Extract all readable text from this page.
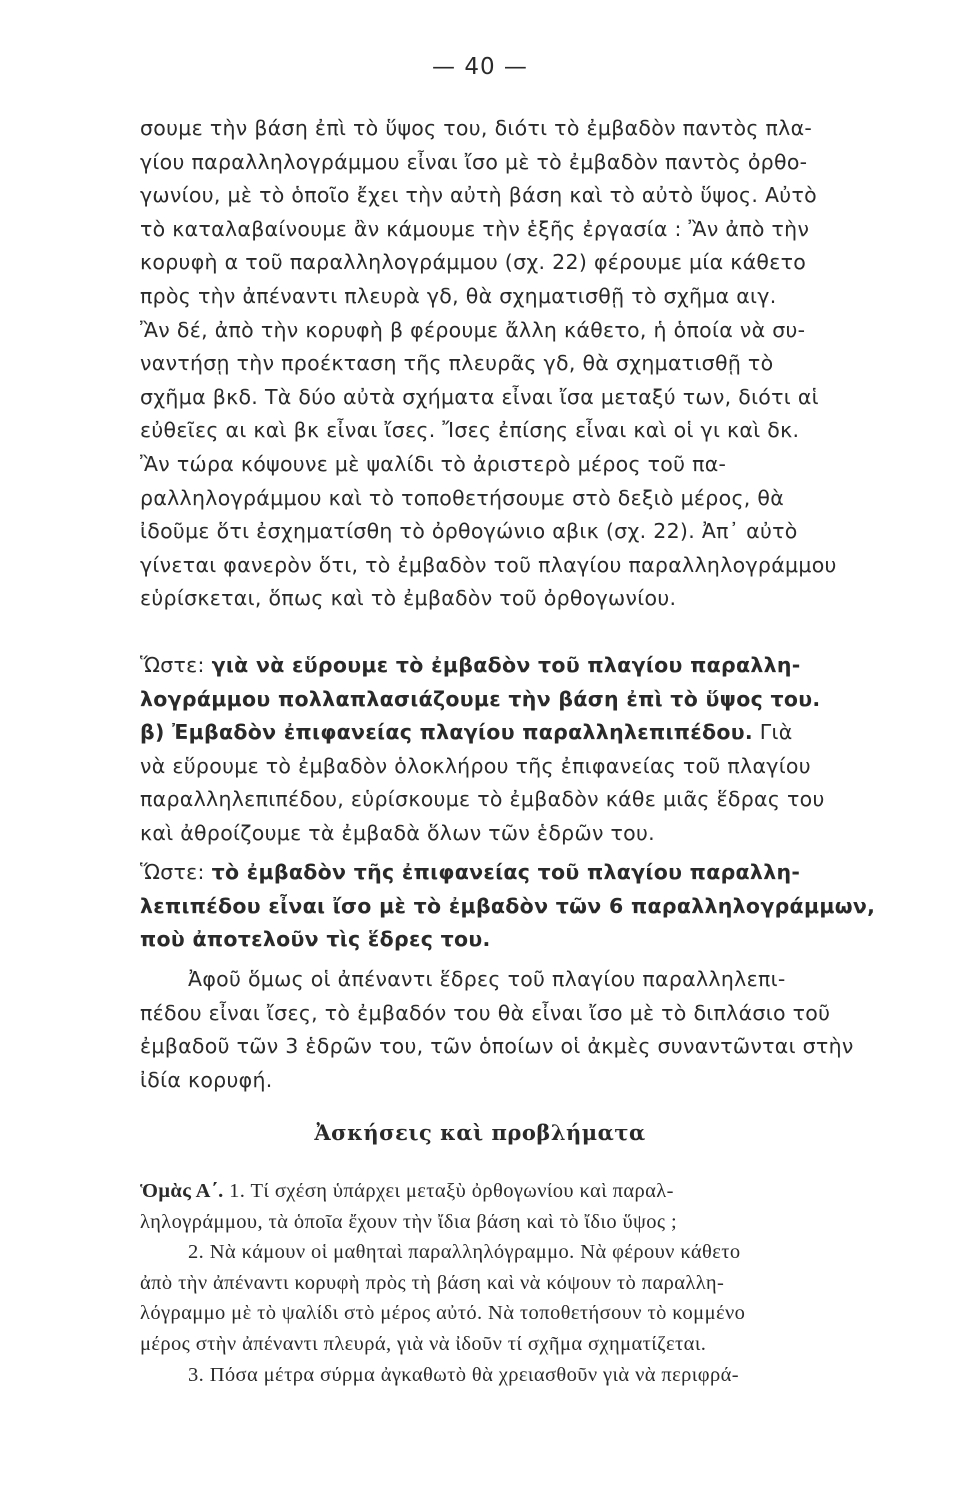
— 40 —
σουμε τὴν βάση ἐπὶ τὸ ὕψος του, διότι τὸ ἐμβαδὸν παντὸς πλα-
γίου παραλληλογράμμου εἶναι ἴσο μὲ τὸ ἐμβαδὸν παντὸς ὀρθο-
γωνίου, μὲ τὸ ὁποῖο ἔχει τὴν αὐτὴ βάση καὶ τὸ αὐτὸ ὕψος. Αὐτὸ
τὸ καταλαβαίνουμε ἂν κάμουμε τὴν ἑξῆς ἐργασία : Ἂν ἀπὸ τὴν
κορυφὴ α τοῦ παραλληλογράμμου (σχ. 22) φέρουμε μία κάθετο
πρὸς τὴν ἀπέναντι πλευρὰ γδ, θὰ σχηματισθῇ τὸ σχῆμα αιγ.
Ἂν δέ, ἀπὸ τὴν κορυφὴ β φέρουμε ἄλλη κάθετο, ἡ ὁποία νὰ συ-
ναντήσῃ τὴν προέκταση τῆς πλευρᾶς γδ, θὰ σχηματισθῇ τὸ
σχῆμα βκδ. Τὰ δύο αὐτὰ σχήματα εἶναι ἴσα μεταξύ των, διότι αἱ
εὐθεῖες αι καὶ βκ εἶναι ἴσες. Ἴσες ἐπίσης εἶναι καὶ οἱ γι καὶ δκ.
Ἂν τώρα κόψουνε μὲ ψαλίδι τὸ ἀριστερὸ μέρος τοῦ πα-
ραλληλογράμμου καὶ τὸ τοποθετήσουμε στὸ δεξιὸ μέρος, θὰ
ἰδοῦμε ὅτι ἐσχηματίσθη τὸ ὀρθογώνιο αβικ (σχ. 22). Ἀπ᾽ αὐτὸ
γίνεται φανερὸν ὅτι, τὸ ἐμβαδὸν τοῦ πλαγίου παραλληλογράμμου
εὑρίσκεται, ὅπως καὶ τὸ ἐμβαδὸν τοῦ ὀρθογωνίου.
Ὥστε: γιὰ νὰ εὕρουμε τὸ ἐμβαδὸν τοῦ πλαγίου παραλλη-
λογράμμου πολλαπλασιάζουμε τὴν βάση ἐπὶ τὸ ὕψος του.
β) Ἐμβαδὸν ἐπιφανείας πλαγίου παραλληλεπιπέδου. Γιὰ
νὰ εὕρουμε τὸ ἐμβαδὸν ὁλοκλήρου τῆς ἐπιφανείας τοῦ πλαγίου
παραλληλεπιπέδου, εὑρίσκουμε τὸ ἐμβαδὸν κάθε μιᾶς ἕδρας του
καὶ ἀθροίζουμε τὰ ἐμβαδὰ ὅλων τῶν ἑδρῶν του.
Ὥστε: τὸ ἐμβαδὸν τῆς ἐπιφανείας τοῦ πλαγίου παραλλη-
λεπιπέδου εἶναι ἴσο μὲ τὸ ἐμβαδὸν τῶν 6 παραλληλογράμμων,
ποὺ ἀποτελοῦν τὶς ἕδρες του.
Ἀφοῦ ὅμως οἱ ἀπέναντι ἕδρες τοῦ πλαγίου παραλληλεπι-
πέδου εἶναι ἴσες, τὸ ἐμβαδόν του θὰ εἶναι ἴσο μὲ τὸ διπλάσιο τοῦ
ἐμβαδοῦ τῶν 3 ἑδρῶν του, τῶν ὁποίων οἱ ἀκμὲς συναντῶνται στὴν
ἰδία κορυφή.
Ἀσκήσεις καὶ προβλήματα
Ὁμὰς Α΄. 1. Τί σχέση ὑπάρχει μεταξὺ ὀρθογωνίου καὶ παραλ-
ληλογράμμου, τὰ ὁποῖα ἔχουν τὴν ἴδια βάση καὶ τὸ ἴδιο ὕψος ;
2. Νὰ κάμουν οἱ μαθηταὶ παραλληλόγραμμο. Νὰ φέρουν κάθετο
ἀπὸ τὴν ἀπέναντι κορυφὴ πρὸς τὴ βάση καὶ νὰ κόψουν τὸ παραλλη-
λόγραμμο μὲ τὸ ψαλίδι στὸ μέρος αὐτό. Νὰ τοποθετήσουν τὸ κομμένο
μέρος στὴν ἀπέναντι πλευρά, γιὰ νὰ ἰδοῦν τί σχῆμα σχηματίζεται.
3. Πόσα μέτρα σύρμα ἀγκαθωτὸ θὰ χρειασθοῦν γιὰ νὰ περιφρά-
